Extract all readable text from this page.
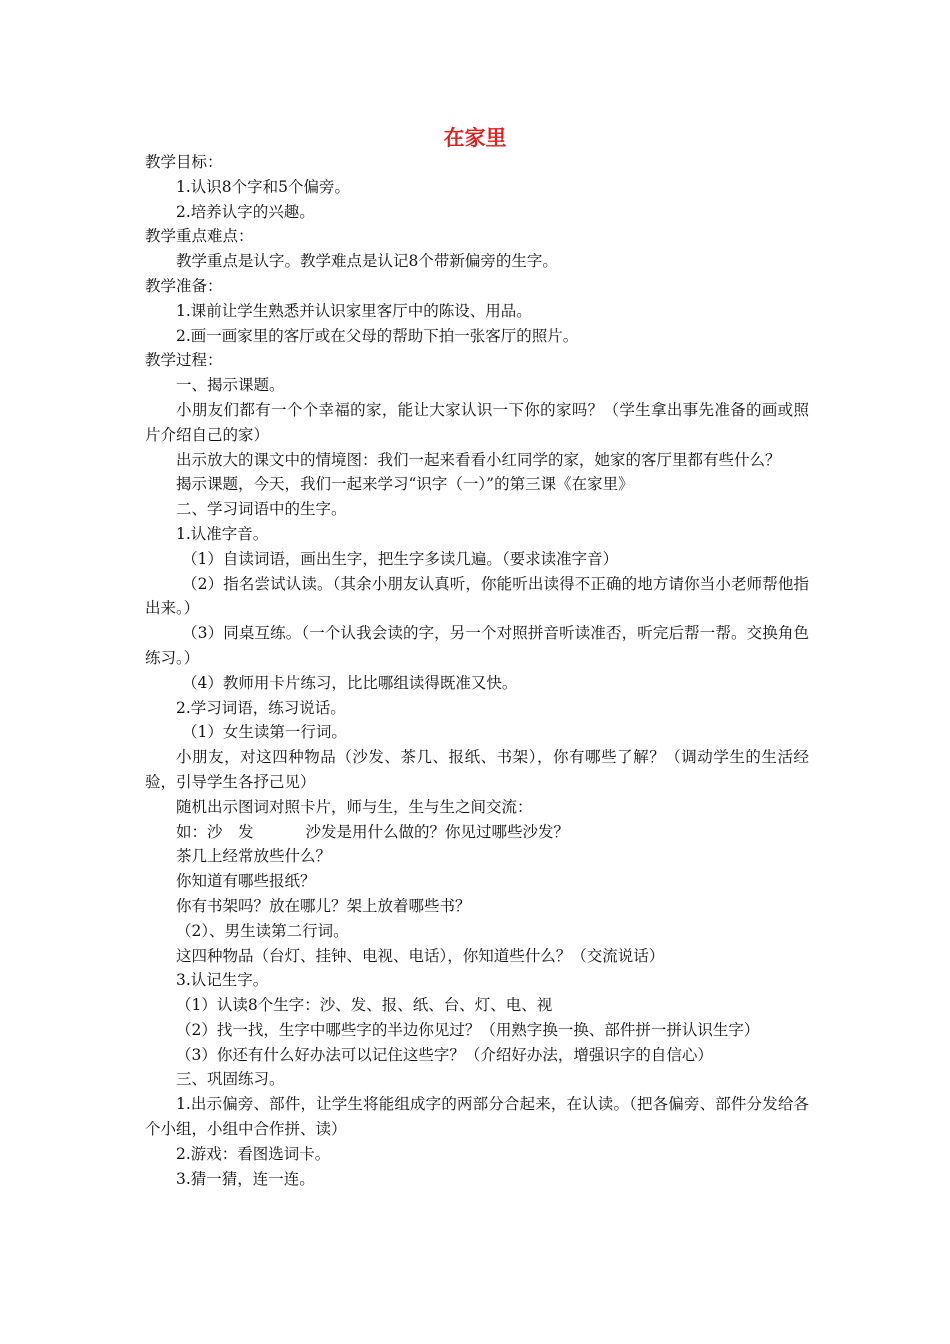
在家里

教学目标：

1.认识8个字和5个偏旁。

2.培养认字的兴趣。

教学重点难点：

教学重点是认字。教学难点是认记8个带新偏旁的生字。

教学准备：

1.课前让学生熟悉并认识家里客厅中的陈设、用品。

2.画一画家里的客厅或在父母的帮助下拍一张客厅的照片。

教学过程：

一、揭示课题。

小朋友们都有一个个幸福的家，能让大家认识一下你的家吗？（学生拿出事先准备的画或照片介绍自己的家）

出示放大的课文中的情境图：我们一起来看看小红同学的家，她家的客厅里都有些什么？

揭示课题，今天，我们一起来学习“识字（一）”的第三课《在家里》

二、学习词语中的生字。

1.认准字音。

（1）自读词语，画出生字，把生字多读几遍。（要求读准字音）

（2）指名尝试认读。（其余小朋友认真听，你能听出读得不正确的地方请你当小老师帮他指出来。）

（3）同桌互练。（一个认我会读的字，另一个对照拼音听读准否，听完后帮一帮。交换角色练习。）

（4）教师用卡片练习，比比哪组读得既准又快。

2.学习词语，练习说话。

（1）女生读第一行词。

小朋友，对这四种物品（沙发、茶几、报纸、书架），你有哪些了解？（调动学生的生活经验，引导学生各抒己见）

随机出示图词对照卡片，师与生，生与生之间交流：

如：沙　发	沙发是用什么做的？你见过哪些沙发？

茶几上经常放些什么？

你知道有哪些报纸？

你有书架吗？放在哪儿？架上放着哪些书？

（2）、男生读第二行词。

这四种物品（台灯、挂钟、电视、电话），你知道些什么？（交流说话）

3.认记生字。

（1）认读8个生字：沙、发、报、纸、台、灯、电、视

（2）找一找，生字中哪些字的半边你见过？（用熟字换一换、部件拼一拼认识生字）

（3）你还有什么好办法可以记住这些字？（介绍好办法，增强识字的自信心）

三、巩固练习。

1.出示偏旁、部件，让学生将能组成字的两部分合起来，在认读。（把各偏旁、部件分发给各个小组，小组中合作拼、读）

2.游戏：看图选词卡。

3.猜一猜，连一连。
